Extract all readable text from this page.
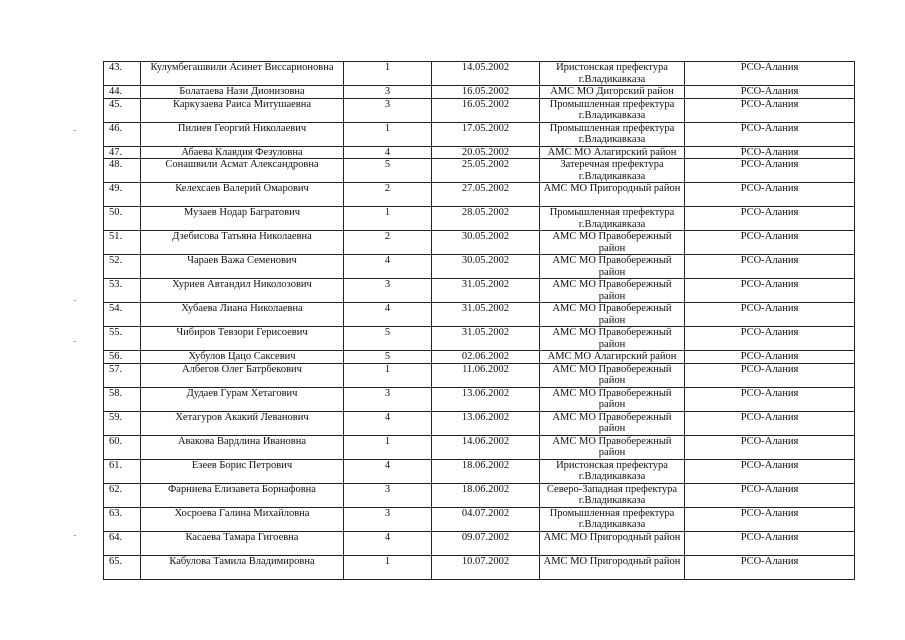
43.	Кулумбегашвили Асинет Виссарионовна	1	14.05.2002	Иристонская префектура г.Владикавказа	РСО-Алания
44.	Болатаева Нази Дионизовна	3	16.05.2002	АМС МО Дигорский район	РСО-Алания
45.	Каркузаева Раиса Митушаевна	3	16.05.2002	Промышленная префектура г.Владикавказа	РСО-Алания
46.	Пилиев Георгий Николаевич	1	17.05.2002	Промышленная префектура г.Владикавказа	РСО-Алания
47.	Абаева Клавдия Фезуловна	4	20.05.2002	АМС МО Алагирский район	РСО-Алания
48.	Сонашвили Асмат Александровна	5	25.05.2002	Затеречная префектура г.Владикавказа	РСО-Алания
49.	Келехсаев Валерий Омарович	2	27.05.2002	АМС МО Пригородный район	РСО-Алания
50.	Музаев Нодар Багратович	1	28.05.2002	Промышленная префектура г.Владикавказа	РСО-Алания
51.	Дзебисова Татьяна Николаевна	2	30.05.2002	АМС МО Правобережный район	РСО-Алания
52.	Чараев Важа Семенович	4	30.05.2002	АМС МО Правобережный район	РСО-Алания
53.	Хуриев Автандил Николозович	3	31.05.2002	АМС МО Правобережный район	РСО-Алания
54.	Хубаева Лиана Николаевна	4	31.05.2002	АМС МО Правобережный район	РСО-Алания
55.	Чибиров Тевзори Герисоевич	5	31.05.2002	АМС МО Правобережный район	РСО-Алания
56.	Хубулов Цацо Саксевич	5	02.06.2002	АМС МО Алагирский район	РСО-Алания
57.	Албегов Олег Батрбекович	1	11.06.2002	АМС МО Правобережный район	РСО-Алания
58.	Дудаев Гурам Хетагович	3	13.06.2002	АМС МО Правобережный район	РСО-Алания
59.	Хетагуров Акакий Леванович	4	13.06.2002	АМС МО Правобережный район	РСО-Алания
60.	Авакова Вардлина Ивановна	1	14.06.2002	АМС МО Правобережный район	РСО-Алания
61.	Езеев Борис Петрович	4	18.06.2002	Иристонская префектура г.Владикавказа	РСО-Алания
62.	Фарниева Елизавета Борнафовна	3	18.06.2002	Северо-Западная префектура г.Владикавказа	РСО-Алания
63.	Хосроева Галина Михайловна	3	04.07.2002	Промышленная префектура г.Владикавказа	РСО-Алания
64.	Касаева Тамара Гигоевна	4	09.07.2002	АМС МО Пригородный район	РСО-Алания
65.	Кабулова Тамила Владимировна	1	10.07.2002	АМС МО Пригородный район	РСО-Алания
